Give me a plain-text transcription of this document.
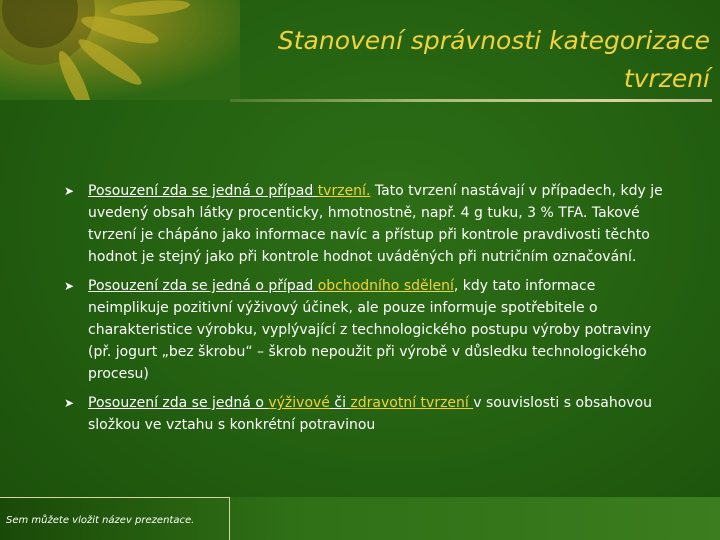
Stanovení správnosti kategorizace tvrzení
➤ Posouzení zda se jedná o případ tvrzení. Tato tvrzení nastávají v případech, kdy je uvedený obsah látky procenticky, hmotnostně, např. 4 g tuku, 3 % TFA. Takové tvrzení je chápáno jako informace navíc a přístup při kontrole pravdivosti těchto hodnot je stejný jako při kontrole hodnot uváděných při nutričním označování.
➤ Posouzení zda se jedná o případ obchodního sdělení, kdy tato informace neimplikuje pozitivní výživový účinek, ale pouze informuje spotřebitele o charakteristice výrobku, vyplývající z technologického postupu výroby potraviny (př. jogurt „bez škrobu“ – škrob nepoužit při výrobě v důsledku technologického procesu)
➤ Posouzení zda se jedná o výživové či zdravotní tvrzení v souvislosti s obsahovou složkou ve vztahu s konkrétní potravinou
Sem můžete vložit název prezentace.
